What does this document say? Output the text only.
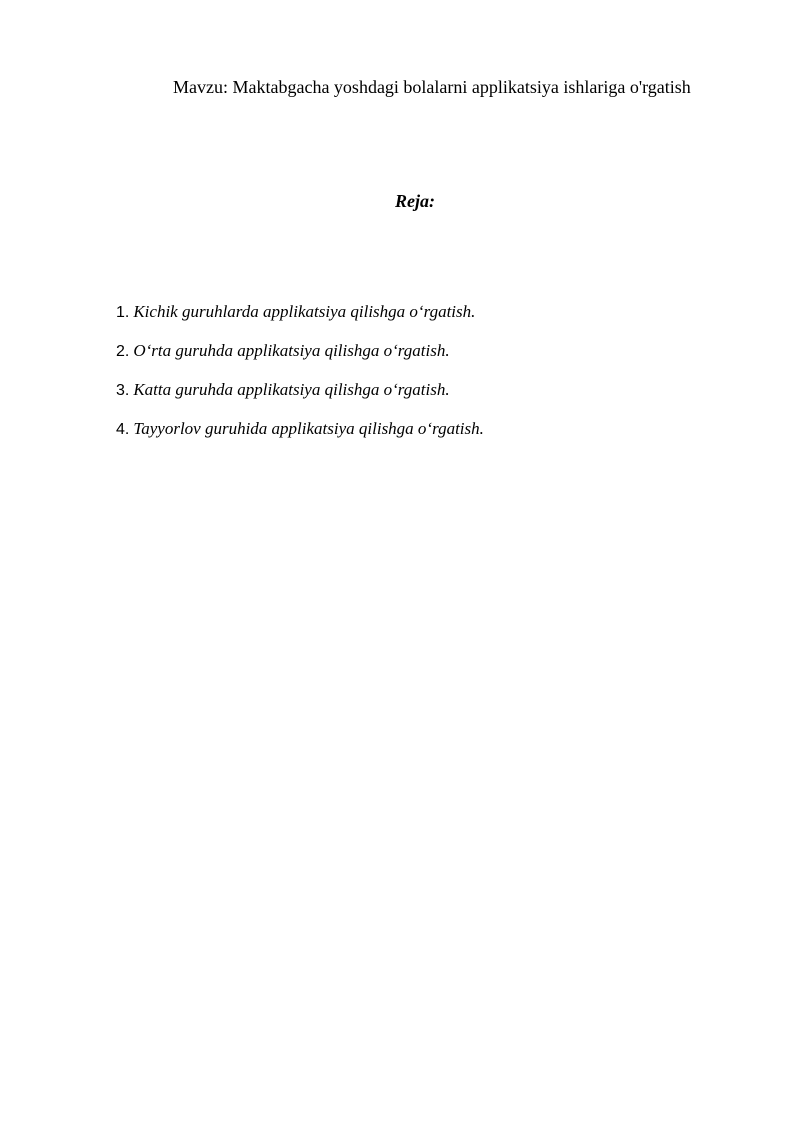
Mavzu: Maktabgacha yoshdagi bolalarni applikatsiya ishlariga o'rgatish
Reja:
1. Kichik guruhlarda applikatsiya qilishga o‘rgatish.
2. O‘rta guruhda applikatsiya qilishga o‘rgatish.
3. Katta guruhda applikatsiya qilishga o‘rgatish.
4. Tayyorlov guruhida applikatsiya qilishga o‘rgatish.
